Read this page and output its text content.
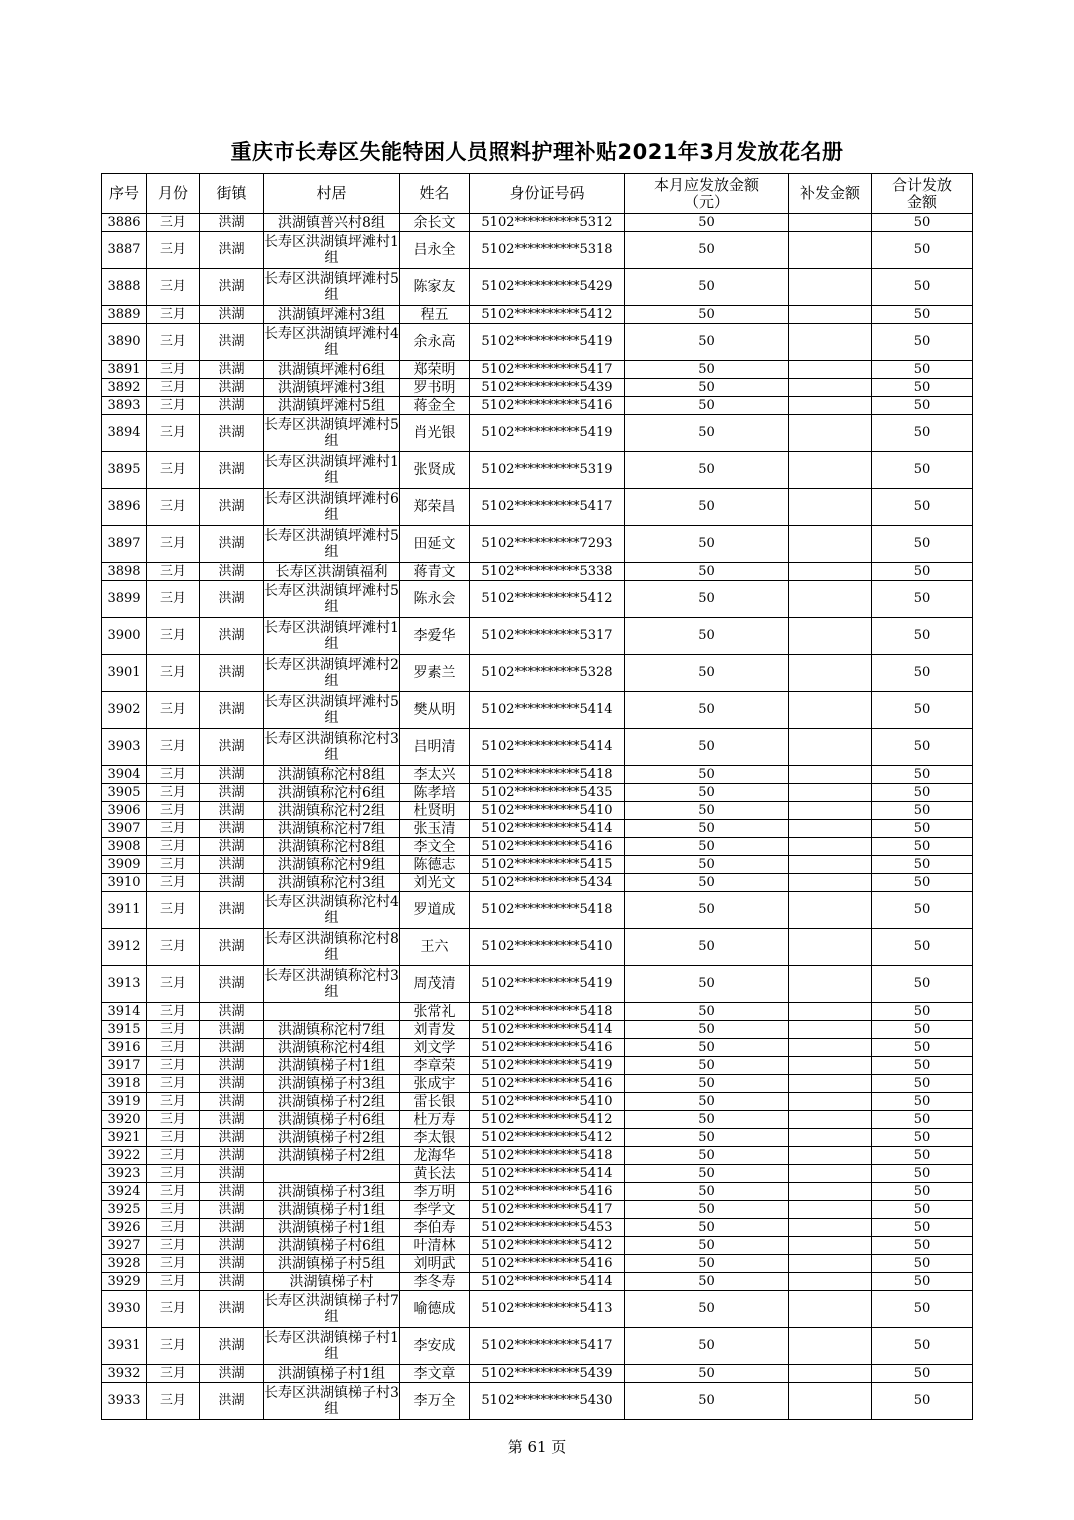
重庆市长寿区失能特困人员照料护理补贴2021年3月发放花名册
序号	月份	街镇	村居	姓名	身份证号码	本月应发放金额（元）	补发金额	合计发放金额
3886	三月	洪湖	洪湖镇普兴村8组	余长文	5102**********5312	50		50
3887	三月	洪湖	长寿区洪湖镇坪滩村1组	吕永全	5102**********5318	50		50
3888	三月	洪湖	长寿区洪湖镇坪滩村5组	陈家友	5102**********5429	50		50
3889	三月	洪湖	洪湖镇坪滩村3组	程五	5102**********5412	50		50
3890	三月	洪湖	长寿区洪湖镇坪滩村4组	余永高	5102**********5419	50		50
3891	三月	洪湖	洪湖镇坪滩村6组	郑荣明	5102**********5417	50		50
3892	三月	洪湖	洪湖镇坪滩村3组	罗书明	5102**********5439	50		50
3893	三月	洪湖	洪湖镇坪滩村5组	蒋金全	5102**********5416	50		50
3894	三月	洪湖	长寿区洪湖镇坪滩村5组	肖光银	5102**********5419	50		50
3895	三月	洪湖	长寿区洪湖镇坪滩村1组	张贤成	5102**********5319	50		50
3896	三月	洪湖	长寿区洪湖镇坪滩村6组	郑荣昌	5102**********5417	50		50
3897	三月	洪湖	长寿区洪湖镇坪滩村5组	田延文	5102**********7293	50		50
3898	三月	洪湖	长寿区洪湖镇福利	蒋青文	5102**********5338	50		50
3899	三月	洪湖	长寿区洪湖镇坪滩村5组	陈永会	5102**********5412	50		50
3900	三月	洪湖	长寿区洪湖镇坪滩村1组	李爱华	5102**********5317	50		50
3901	三月	洪湖	长寿区洪湖镇坪滩村2组	罗素兰	5102**********5328	50		50
3902	三月	洪湖	长寿区洪湖镇坪滩村5组	樊从明	5102**********5414	50		50
3903	三月	洪湖	长寿区洪湖镇称沱村3组	吕明清	5102**********5414	50		50
3904	三月	洪湖	洪湖镇称沱村8组	李太兴	5102**********5418	50		50
3905	三月	洪湖	洪湖镇称沱村6组	陈孝培	5102**********5435	50		50
3906	三月	洪湖	洪湖镇称沱村2组	杜贤明	5102**********5410	50		50
3907	三月	洪湖	洪湖镇称沱村7组	张玉清	5102**********5414	50		50
3908	三月	洪湖	洪湖镇称沱村8组	李文全	5102**********5416	50		50
3909	三月	洪湖	洪湖镇称沱村9组	陈德志	5102**********5415	50		50
3910	三月	洪湖	洪湖镇称沱村3组	刘光文	5102**********5434	50		50
3911	三月	洪湖	长寿区洪湖镇称沱村4组	罗道成	5102**********5418	50		50
3912	三月	洪湖	长寿区洪湖镇称沱村8组	王六	5102**********5410	50		50
3913	三月	洪湖	长寿区洪湖镇称沱村3组	周茂清	5102**********5419	50		50
3914	三月	洪湖		张常礼	5102**********5418	50		50
3915	三月	洪湖	洪湖镇称沱村7组	刘青发	5102**********5414	50		50
3916	三月	洪湖	洪湖镇称沱村4组	刘文学	5102**********5416	50		50
3917	三月	洪湖	洪湖镇梯子村1组	李章荣	5102**********5419	50		50
3918	三月	洪湖	洪湖镇梯子村3组	张成宇	5102**********5416	50		50
3919	三月	洪湖	洪湖镇梯子村2组	雷长银	5102**********5410	50		50
3920	三月	洪湖	洪湖镇梯子村6组	杜万寿	5102**********5412	50		50
3921	三月	洪湖	洪湖镇梯子村2组	李太银	5102**********5412	50		50
3922	三月	洪湖	洪湖镇梯子村2组	龙海华	5102**********5418	50		50
3923	三月	洪湖		黄长法	5102**********5414	50		50
3924	三月	洪湖	洪湖镇梯子村3组	李万明	5102**********5416	50		50
3925	三月	洪湖	洪湖镇梯子村1组	李学文	5102**********5417	50		50
3926	三月	洪湖	洪湖镇梯子村1组	李伯寿	5102**********5453	50		50
3927	三月	洪湖	洪湖镇梯子村6组	叶清林	5102**********5412	50		50
3928	三月	洪湖	洪湖镇梯子村5组	刘明武	5102**********5416	50		50
3929	三月	洪湖	洪湖镇梯子村	李冬寿	5102**********5414	50		50
3930	三月	洪湖	长寿区洪湖镇梯子村7组	喻德成	5102**********5413	50		50
3931	三月	洪湖	长寿区洪湖镇梯子村1组	李安成	5102**********5417	50		50
3932	三月	洪湖	洪湖镇梯子村1组	李文章	5102**********5439	50		50
3933	三月	洪湖	长寿区洪湖镇梯子村3组	李万全	5102**********5430	50		50
第 61 页
